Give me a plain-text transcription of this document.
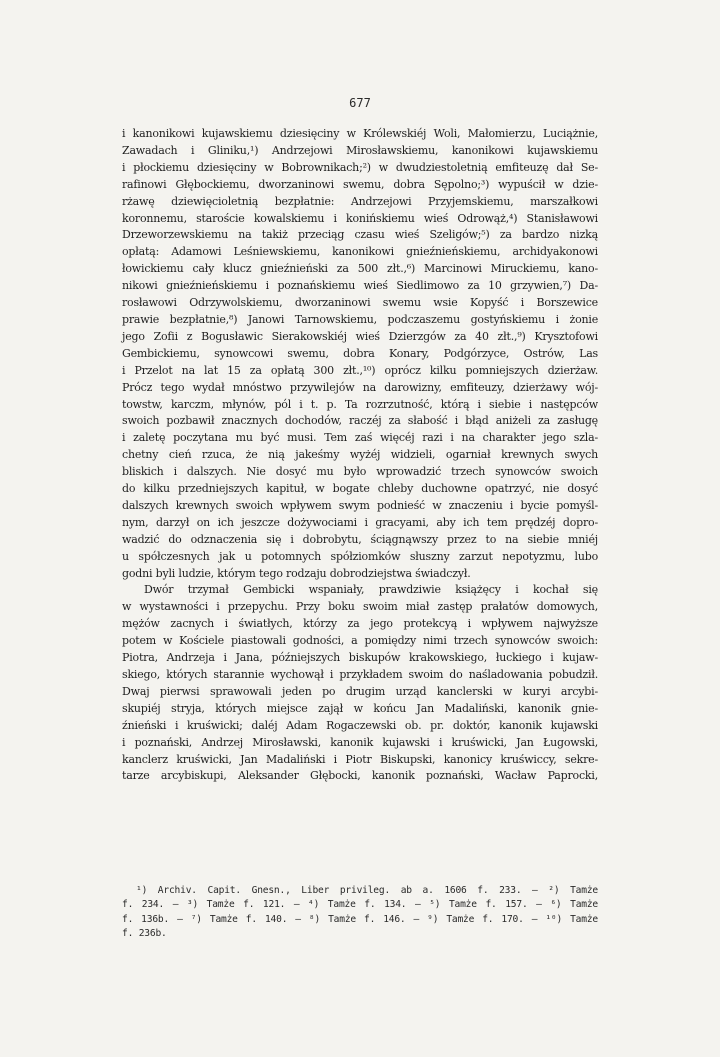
677
i kanonikowi kujawskiemu dziesięciny w Królewskiéj Woli, Małomierzu, Luciążnie,
Zawadach i Gliniku,¹) Andrzejowi Mirosławskiemu, kanonikowi kujawskiemu
i płockiemu dziesięciny w Bobrownikach;²) w dwudziestoletnią emfiteuzę dał Se-
rafinowi Głębockiemu, dworzaninowi swemu, dobra Sępolno;³) wypuścił w dzie-
rżawę dziewięcioletnią bezpłatnie: Andrzejowi Przyjemskiemu, marszałkowi
koronnemu, staroście kowalskiemu i konińskiemu wieś Odrowąż,⁴) Stanisławowi
Drzeworzewskiemu na takiż przeciąg czasu wieś Szeligów;⁵) za bardzo nizką
opłatą: Adamowi Leśniewskiemu, kanonikowi gnieźnieńskiemu, archidyakonowi
łowickiemu cały klucz gnieźnieński za 500 złt.,⁶) Marcinowi Miruckiemu, kano-
nikowi gnieźnieńskiemu i poznańskiemu wieś Siedlimowo za 10 grzywien,⁷) Da-
rosławowi Odrzywolskiemu, dworzaninowi swemu wsie Kopyść i Borszewice
prawie bezpłatnie,⁸) Janowi Tarnowskiemu, podczaszemu gostyńskiemu i żonie
jego Zofii z Bogusławic Sierakowskiéj wieś Dzierzgów za 40 złt.,⁹) Krysztofowi
Gembickiemu, synowcowi swemu, dobra Konary, Podgórzyce, Ostrów, Las
i Przelot na lat 15 za opłatą 300 złt.,¹⁰) oprócz kilku pomniejszych dzierżaw.
Prócz tego wydał mnóstwo przywilejów na darowizny, emfiteuzy, dzierżawy wój-
towstw, karczm, młynów, pól i t. p. Ta rozrzutność, którą i siebie i następców
swoich pozbawił znacznych dochodów, raczéj za słabość i błąd aniżeli za zasługę
i zaletę poczytana mu być musi. Tem zaś więcéj razi i na charakter jego szla-
chetny cień rzuca, że nią jakeśmy wyżéj widzieli, ogarniał krewnych swych
bliskich i dalszych. Nie dosyć mu było wprowadzić trzech synowców swoich
do kilku przedniejszych kapituł, w bogate chleby duchowne opatrzyć, nie dosyć
dalszych krewnych swoich wpływem swym podnieść w znaczeniu i bycie pomyśl-
nym, darzył on ich jeszcze dożywociami i gracyami, aby ich tem prędzéj dopro-
wadzić do odznaczenia się i dobrobytu, ściągnąwszy przez to na siebie mniéj
u spółczesnych jak u potomnych spółziomków słuszny zarzut nepotyzmu, lubo
godni byli ludzie, którym tego rodzaju dobrodziejstwa świadczył.
Dwór trzymał Gembicki wspaniały, prawdziwie książęcy i kochał się
w wystawności i przepychu. Przy boku swoim miał zastęp prałatów domowych,
mężów zacnych i światłych, którzy za jego protekcyą i wpływem najwyższe
potem w Kościele piastowali godności, a pomiędzy nimi trzech synowców swoich:
Piotra, Andrzeja i Jana, późniejszych biskupów krakowskiego, łuckiego i kujaw-
skiego, których starannie wychowął i przykładem swoim do naśladowania pobudził.
Dwaj pierwsi sprawowali jeden po drugim urząd kanclerski w kuryi arcybi-
skupiéj stryja, których miejsce zajął w końcu Jan Madaliński, kanonik gnie-
źnieński i kruświcki; daléj Adam Rogaczewski ob. pr. doktór, kanonik kujawski
i poznański, Andrzej Mirosławski, kanonik kujawski i kruświcki, Jan Ługowski,
kanclerz kruświcki, Jan Madaliński i Piotr Biskupski, kanonicy kruświccy, sekre-
tarze arcybiskupi, Aleksander Głębocki, kanonik poznański, Wacław Paprocki,
¹) Archiv. Capit. Gnesn., Liber privileg. ab a. 1606 f. 233. — ²) Tamże
f. 234. — ³) Tamże f. 121. — ⁴) Tamże f. 134. — ⁵) Tamże f. 157. — ⁶) Tamże
f. 136b. — ⁷) Tamże f. 140. — ⁸) Tamże f. 146. — ⁹) Tamże f. 170. — ¹⁰) Tamże
f. 236b.
